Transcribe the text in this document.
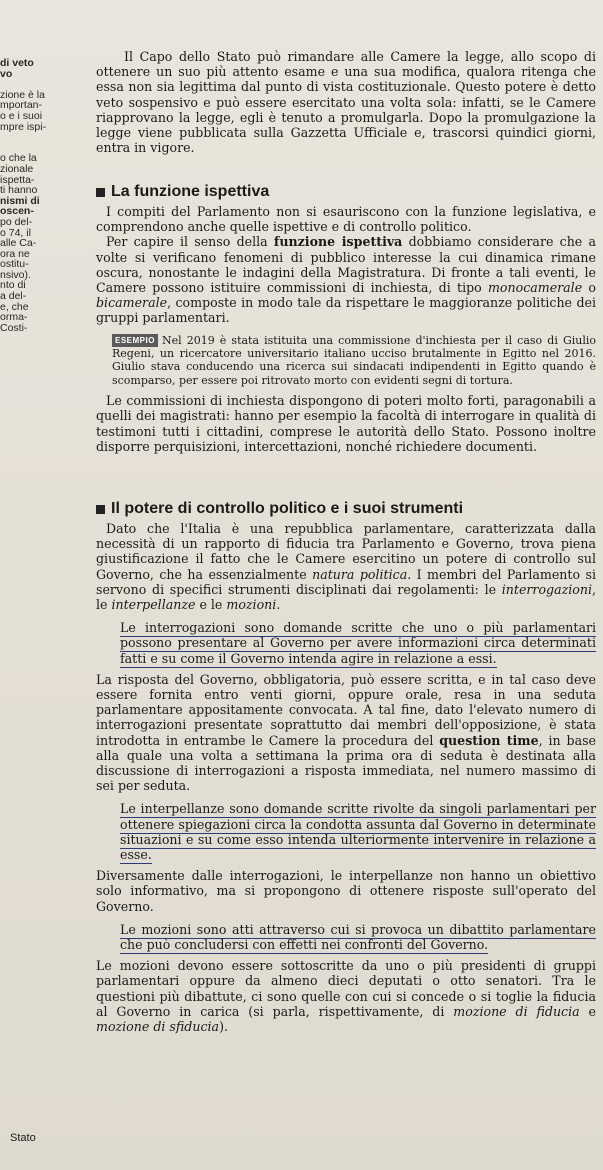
di veto
vo

zione è la
mportan-
o e i suoi
mpre ispi-

o che la
zionale
ispetta-
ti hanno
nismi di
oscen-
po del-
o 74, il
alle Ca-
ora ne
ostitu-
nsivo).
nto di
a del-
e, che
orma-
Costi-

Il Capo dello Stato può rimandare alle Camere la legge, allo scopo di ottenere un suo più attento esame e una sua modifica, qualora ritenga che essa non sia legittima dal punto di vista costituzionale. Questo potere è detto veto sospensivo e può essere esercitato una volta sola: infatti, se le Camere riapprovano la legge, egli è tenuto a promulgarla. Dopo la promulgazione la legge viene pubblicata sulla Gazzetta Ufficiale e, trascorsi quindici giorni, entra in vigore.

La funzione ispettiva

I compiti del Parlamento non si esauriscono con la funzione legislativa, e comprendono anche quelle ispettive e di controllo politico.

Per capire il senso della funzione ispettiva dobbiamo considerare che a volte si verificano fenomeni di pubblico interesse la cui dinamica rimane oscura, nonostante le indagini della Magistratura. Di fronte a tali eventi, le Camere possono istituire commissioni di inchiesta, di tipo monocamerale o bicamerale, composte in modo tale da rispettare le maggioranze politiche dei gruppi parlamentari.

ESEMPIO Nel 2019 è stata istituita una commissione d'inchiesta per il caso di Giulio Regeni, un ricercatore universitario italiano ucciso brutalmente in Egitto nel 2016. Giulio stava conducendo una ricerca sui sindacati indipendenti in Egitto quando è scomparso, per essere poi ritrovato morto con evidenti segni di tortura.

Le commissioni di inchiesta dispongono di poteri molto forti, paragonabili a quelli dei magistrati: hanno per esempio la facoltà di interrogare in qualità di testimoni tutti i cittadini, comprese le autorità dello Stato. Possono inoltre disporre perquisizioni, intercettazioni, nonché richiedere documenti.

Il potere di controllo politico e i suoi strumenti

Dato che l'Italia è una repubblica parlamentare, caratterizzata dalla necessità di un rapporto di fiducia tra Parlamento e Governo, trova piena giustificazione il fatto che le Camere esercitino un potere di controllo sul Governo, che ha essenzialmente natura politica. I membri del Parlamento si servono di specifici strumenti disciplinati dai regolamenti: le interrogazioni, le interpellanze e le mozioni.

Le interrogazioni sono domande scritte che uno o più parlamentari possono presentare al Governo per avere informazioni circa determinati fatti e su come il Governo intenda agire in relazione a essi.

La risposta del Governo, obbligatoria, può essere scritta, e in tal caso deve essere fornita entro venti giorni, oppure orale, resa in una seduta parlamentare appositamente convocata. A tal fine, dato l'elevato numero di interrogazioni presentate soprattutto dai membri dell'opposizione, è stata introdotta in entrambe le Camere la procedura del question time, in base alla quale una volta a settimana la prima ora di seduta è destinata alla discussione di interrogazioni a risposta immediata, nel numero massimo di sei per seduta.

Le interpellanze sono domande scritte rivolte da singoli parlamentari per ottenere spiegazioni circa la condotta assunta dal Governo in determinate situazioni e su come esso intenda ulteriormente intervenire in relazione a esse.

Diversamente dalle interrogazioni, le interpellanze non hanno un obiettivo solo informativo, ma si propongono di ottenere risposte sull'operato del Governo.

Le mozioni sono atti attraverso cui si provoca un dibattito parlamentare che può concludersi con effetti nei confronti del Governo.

Le mozioni devono essere sottoscritte da uno o più presidenti di gruppi parlamentari oppure da almeno dieci deputati o otto senatori. Tra le questioni più dibattute, ci sono quelle con cui si concede o si toglie la fiducia al Governo in carica (si parla, rispettivamente, di mozione di fiducia e mozione di sfiducia).

Stato
